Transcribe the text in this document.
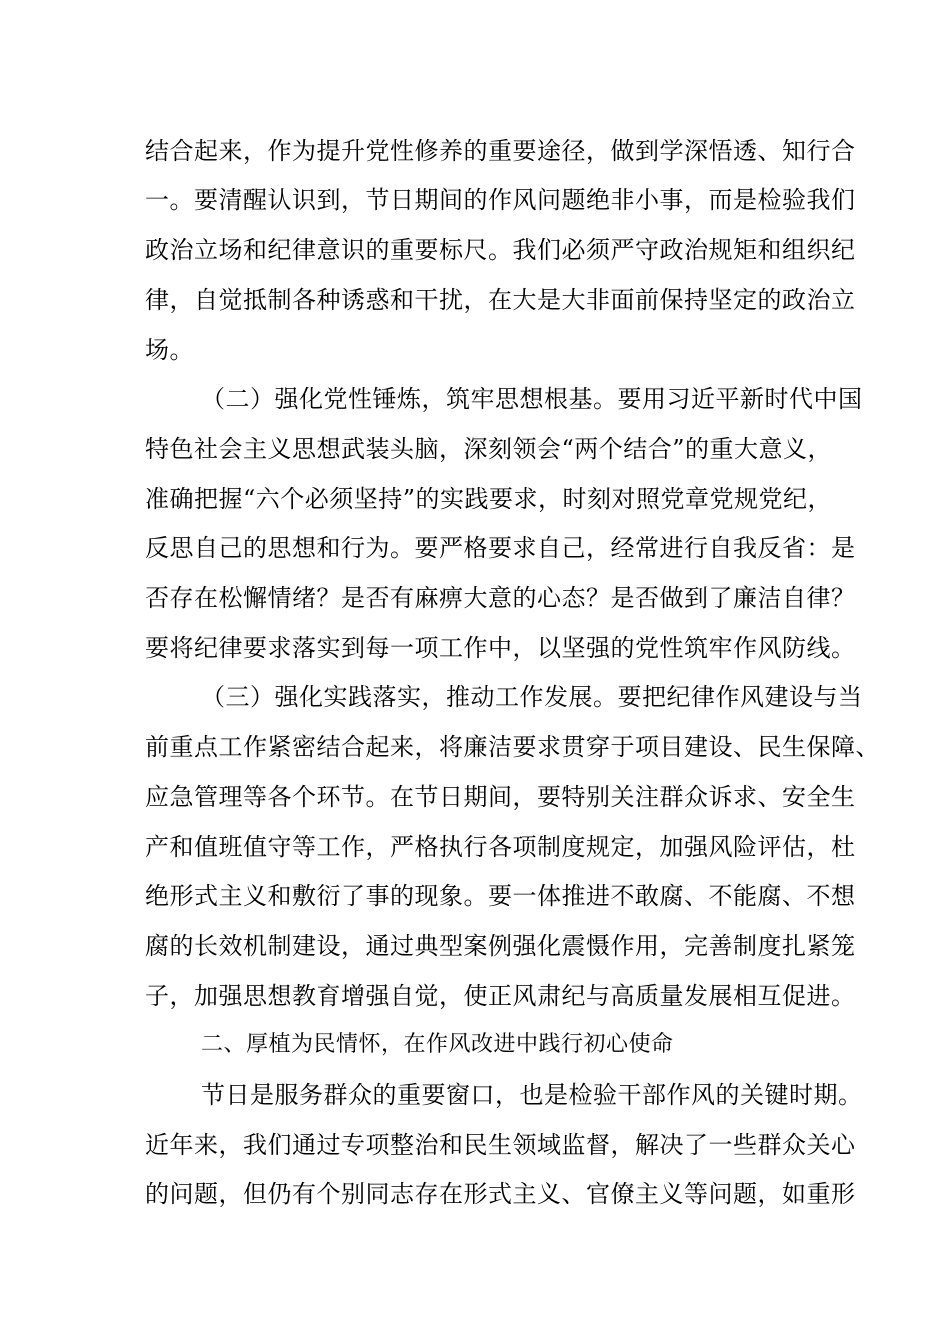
结合起来，作为提升党性修养的重要途径，做到学深悟透、知行合
一。要清醒认识到，节日期间的作风问题绝非小事，而是检验我们
政治立场和纪律意识的重要标尺。我们必须严守政治规矩和组织纪
律，自觉抵制各种诱惑和干扰，在大是大非面前保持坚定的政治立
场。
（二）强化党性锤炼，筑牢思想根基。要用习近平新时代中国
特色社会主义思想武装头脑，深刻领会“两个结合”的重大意义，
准确把握“六个必须坚持”的实践要求，时刻对照党章党规党纪，
反思自己的思想和行为。要严格要求自己，经常进行自我反省：是
否存在松懈情绪？是否有麻痹大意的心态？是否做到了廉洁自律？
要将纪律要求落实到每一项工作中，以坚强的党性筑牢作风防线。
（三）强化实践落实，推动工作发展。要把纪律作风建设与当
前重点工作紧密结合起来，将廉洁要求贯穿于项目建设、民生保障、
应急管理等各个环节。在节日期间，要特别关注群众诉求、安全生
产和值班值守等工作，严格执行各项制度规定，加强风险评估，杜
绝形式主义和敷衍了事的现象。要一体推进不敢腐、不能腐、不想
腐的长效机制建设，通过典型案例强化震慑作用，完善制度扎紧笼
子，加强思想教育增强自觉，使正风肃纪与高质量发展相互促进。
二、厚植为民情怀，在作风改进中践行初心使命
节日是服务群众的重要窗口，也是检验干部作风的关键时期。
近年来，我们通过专项整治和民生领域监督，解决了一些群众关心
的问题，但仍有个别同志存在形式主义、官僚主义等问题，如重形
